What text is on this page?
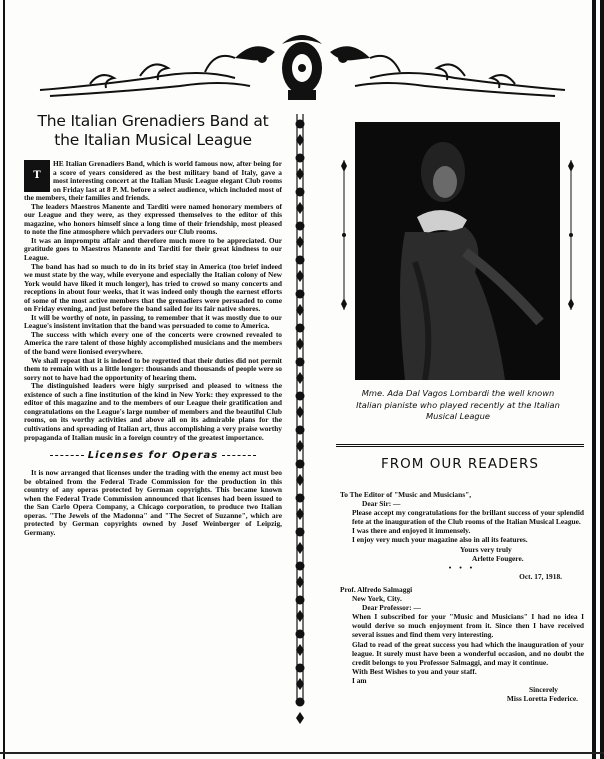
The Italian Grenadiers Band at the Italian Musical League
T

HE Italian Grenadiers Band, which is world famous now, after being for a score of years considered as the best military band of Italy, gave a most interesting concert at the Italian Music League elegant Club rooms on Friday last at 8 P. M. before a select audience, which included most of the members, their families and friends.

The leaders Maestros Manente and Tarditi were named honorary members of our League and they were, as they expressed themselves to the editor of this magazine, who honors himself since a long time of their friendship, most pleased to note the fine atmosphere which pervaders our Club rooms.

It was an impromptu affair and therefore much more to be appreciated. Our gratitude goes to Maestros Manente and Tarditi for their great kindness to our League.

The band has had so much to do in its brief stay in America (too brief indeed we must state by the way, while everyone and especially the Italian colony of New York would have liked it much longer), has tried to crowd so many concerts and receptions in about four weeks, that it was indeed only though the earnest efforts of some of the most active members that the grenadiers were persuaded to come on Friday evening, and just before the band sailed for its fair native shores.

It will be worthy of note, in passing, to remember that it was mostly due to our League's insistent invitation that the band was persuaded to come to America.

The success with which every one of the concerts were crowned revealed to America the rare talent of those highly accomplished musicians and the members of the band were lionised everywhere.

We shall repeat that it is indeed to be regretted that their duties did not permit them to remain with us a little longer: thousands and thousands of people were so sorry not to have had the opportunity of hearing them.

The distinguished leaders were higly surprised and pleased to witness the existence of such a fine institution of the kind in New York: they expressed to the editor of this magazine and to the members of our League their gratification and congratulations on the League's large number of members and the beautiful Club rooms, on its worthy activities and above all on its admirable plans for the cultivations and spreading of Italian art, thus accomplishing a very praise worthy propaganda of Italian music in a foreign country of the greatest importance.

Licenses for Operas

It is now arranged that licenses under the trading with the enemy act must beo be obtained from the Federal Trade Commission for the production in this country of any operas protected by German copyrights. This became known when the Federal Trade Commission announced that licenses had been issued to the San Carlo Opera Company, a Chicago corporation, to produce two Italian operas. "The Jewels of the Madonna" and "The Secret of Suzanne", which are protected by German copyrights owned by Josef Weinberger of Leipzig, Germany.

Mme. Ada Dal Vagos Lombardi the well known Italian pianiste who played recently at the Italian Musical League
FROM OUR READERS
To The Editor of "Music and Musicians",
Dear Sir: —
Please accept my congratulations for the brillant success of your splendid fete at the inauguration of the Club rooms of the Italian Musical League.
I was there and enjoyed it immensely.
I enjoy very much your magazine also in all its features.
Yours very truly
Arlette Fougere.
• • •
Oct. 17, 1918.
Prof. Alfredo Salmaggi
New York, City.
Dear Professor: —
When I subscribed for your "Music and Musicians" I had no idea I would derive so much enjoyment from it. Since then I have received several issues and find them very interesting.
Glad to read of the great success you had which the inauguration of your league. It surely must have been a wonderful occasion, and no doubt the credit belongs to you Professor Salmaggi, and may it continue.
With Best Wishes to you and your staff.
I am
Sincerely
Miss Loretta Federice.
